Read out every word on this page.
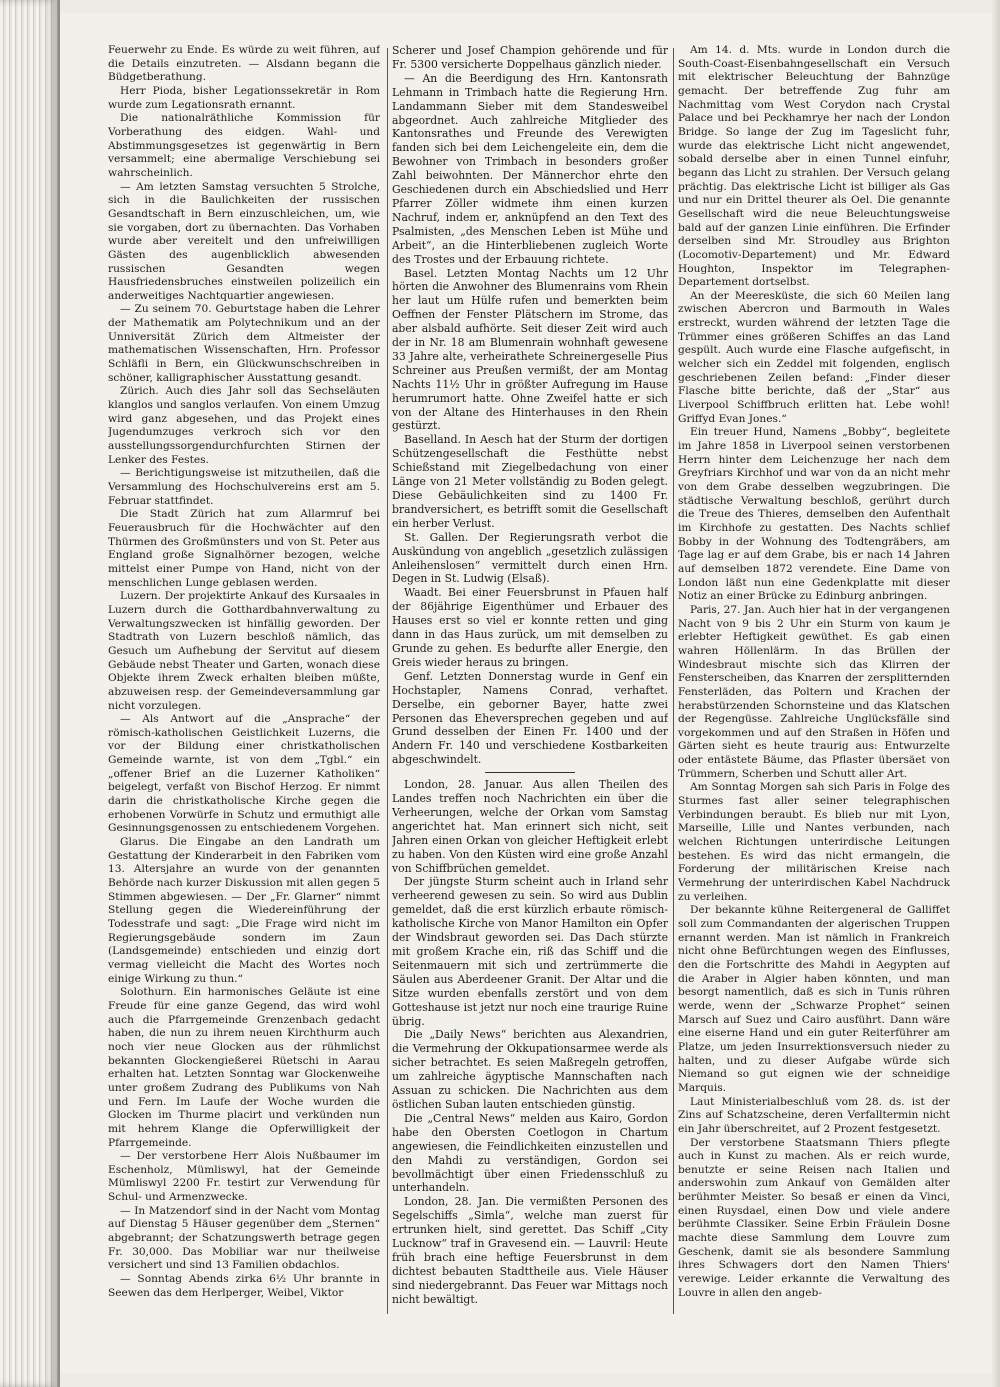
Feuerwehr zu Ende. Es würde zu weit führen, auf die Details einzutreten. — Alsdann begann die Büdgetberathung.

Herr Pioda, bisher Legationssekretär in Rom wurde zum Legationsrath ernannt.

Die nationalräthliche Kommission für Vorberathung des eidgen. Wahl- und Abstimmungsgesetzes ist gegenwärtig in Bern versammelt; eine abermalige Verschiebung sei wahrscheinlich.

— Am letzten Samstag versuchten 5 Strolche, sich in die Baulichkeiten der russischen Gesandtschaft in Bern einzuschleichen, um, wie sie vorgaben, dort zu übernachten. Das Vorhaben wurde aber vereitelt und den unfreiwilligen Gästen des augenblicklich abwesenden russischen Gesandten wegen Hausfriedensbruches einstweilen polizeilich ein anderweitiges Nachtquartier angewiesen.

— Zu seinem 70. Geburtstage haben die Lehrer der Mathematik am Polytechnikum und an der Unniversität Zürich dem Altmeister der mathematischen Wissenschaften, Hrn. Professor Schläfli in Bern, ein Glückwunschschreiben in schöner, kalligraphischer Ausstattung gesandt.

Zürich. Auch dies Jahr soll das Sechseläuten klanglos und sanglos verlaufen. Von einem Umzug wird ganz abgesehen, und das Projekt eines Jugendumzuges verkroch sich vor den ausstellungssorgendurchfurchten Stirnen der Lenker des Festes.

— Berichtigungsweise ist mitzutheilen, daß die Versammlung des Hochschulvereins erst am 5. Februar stattfindet.

Die Stadt Zürich hat zum Allarmruf bei Feuerausbruch für die Hochwächter auf den Thürmen des Großmünsters und von St. Peter aus England große Signalhörner bezogen, welche mittelst einer Pumpe von Hand, nicht von der menschlichen Lunge geblasen werden.

Luzern. Der projektirte Ankauf des Kursaales in Luzern durch die Gotthardbahnverwaltung zu Verwaltungszwecken ist hinfällig geworden. Der Stadtrath von Luzern beschloß nämlich, das Gesuch um Aufhebung der Servitut auf diesem Gebäude nebst Theater und Garten, wonach diese Objekte ihrem Zweck erhalten bleiben müßte, abzuweisen resp. der Gemeindeversammlung gar nicht vorzulegen.

— Als Antwort auf die „Ansprache“ der römisch-katholischen Geistlichkeit Luzerns, die vor der Bildung einer christkatholischen Gemeinde warnte, ist von dem „Tgbl.“ ein „offener Brief an die Luzerner Katholiken“ beigelegt, verfaßt von Bischof Herzog. Er nimmt darin die christkatholische Kirche gegen die erhobenen Vorwürfe in Schutz und ermuthigt alle Gesinnungsgenossen zu entschiedenem Vorgehen.

Glarus. Die Eingabe an den Landrath um Gestattung der Kinderarbeit in den Fabriken vom 13. Altersjahre an wurde von der genannten Behörde nach kurzer Diskussion mit allen gegen 5 Stimmen abgewiesen. — Der „Fr. Glarner“ nimmt Stellung gegen die Wiedereinführung der Todesstrafe und sagt: „Die Frage wird nicht im Regierungsgebäude sondern im Zaun (Landsgemeinde) entschieden und einzig dort vermag vielleicht die Macht des Wortes noch einige Wirkung zu thun.“

Solothurn. Ein harmonisches Geläute ist eine Freude für eine ganze Gegend, das wird wohl auch die Pfarrgemeinde Grenzenbach gedacht haben, die nun zu ihrem neuen Kirchthurm auch noch vier neue Glocken aus der rühmlichst bekannten Glockengießerei Rüetschi in Aarau erhalten hat. Letzten Sonntag war Glockenweihe unter großem Zudrang des Publikums von Nah und Fern. Im Laufe der Woche wurden die Glocken im Thurme placirt und verkünden nun mit hehrem Klange die Opferwilligkeit der Pfarrgemeinde.

— Der verstorbene Herr Alois Nußbaumer im Eschenholz, Mümliswyl, hat der Gemeinde Mümliswyl 2200 Fr. testirt zur Verwendung für Schul- und Armenzwecke.

— In Matzendorf sind in der Nacht vom Montag auf Dienstag 5 Häuser gegenüber dem „Sternen“ abgebrannt; der Schatzungswerth betrage gegen Fr. 30,000. Das Mobiliar war nur theilweise versichert und sind 13 Familien obdachlos.

— Sonntag Abends zirka 6½ Uhr brannte in Seewen das dem Herlperger, Weibel, Viktor

Scherer und Josef Champion gehörende und für Fr. 5300 versicherte Doppelhaus gänzlich nieder.

— An die Beerdigung des Hrn. Kantonsrath Lehmann in Trimbach hatte die Regierung Hrn. Landammann Sieber mit dem Standesweibel abgeordnet. Auch zahlreiche Mitglieder des Kantonsrathes und Freunde des Verewigten fanden sich bei dem Leichengeleite ein, dem die Bewohner von Trimbach in besonders großer Zahl beiwohnten. Der Männerchor ehrte den Geschiedenen durch ein Abschiedslied und Herr Pfarrer Zöller widmete ihm einen kurzen Nachruf, indem er, anknüpfend an den Text des Psalmisten, „des Menschen Leben ist Mühe und Arbeit“, an die Hinterbliebenen zugleich Worte des Trostes und der Erbauung richtete.

Basel. Letzten Montag Nachts um 12 Uhr hörten die Anwohner des Blumenrains vom Rhein her laut um Hülfe rufen und bemerkten beim Oeffnen der Fenster Plätschern im Strome, das aber alsbald aufhörte. Seit dieser Zeit wird auch der in Nr. 18 am Blumenrain wohnhaft gewesene 33 Jahre alte, verheirathete Schreinergeselle Pius Schreiner aus Preußen vermißt, der am Montag Nachts 11½ Uhr in größter Aufregung im Hause herumrumort hatte. Ohne Zweifel hatte er sich von der Altane des Hinterhauses in den Rhein gestürzt.

Baselland. In Aesch hat der Sturm der dortigen Schützengesellschaft die Festhütte nebst Schießstand mit Ziegelbedachung von einer Länge von 21 Meter vollständig zu Boden gelegt. Diese Gebäulichkeiten sind zu 1400 Fr. brandversichert, es betrifft somit die Gesellschaft ein herber Verlust.

St. Gallen. Der Regierungsrath verbot die Auskündung von angeblich „gesetzlich zulässigen Anleihenslosen“ vermittelt durch einen Hrn. Degen in St. Ludwig (Elsaß).

Waadt. Bei einer Feuersbrunst in Pfauen half der 86jährige Eigenthümer und Erbauer des Hauses erst so viel er konnte retten und ging dann in das Haus zurück, um mit demselben zu Grunde zu gehen. Es bedurfte aller Energie, den Greis wieder heraus zu bringen.

Genf. Letzten Donnerstag wurde in Genf ein Hochstapler, Namens Conrad, verhaftet. Derselbe, ein geborner Bayer, hatte zwei Personen das Eheversprechen gegeben und auf Grund desselben der Einen Fr. 1400 und der Andern Fr. 140 und verschiedene Kostbarkeiten abgeschwindelt.

London, 28. Januar. Aus allen Theilen des Landes treffen noch Nachrichten ein über die Verheerungen, welche der Orkan vom Samstag angerichtet hat. Man erinnert sich nicht, seit Jahren einen Orkan von gleicher Heftigkeit erlebt zu haben. Von den Küsten wird eine große Anzahl von Schiffbrüchen gemeldet.

Der jüngste Sturm scheint auch in Irland sehr verheerend gewesen zu sein. So wird aus Dublin gemeldet, daß die erst kürzlich erbaute römisch-katholische Kirche von Manor Hamilton ein Opfer der Windsbraut geworden sei. Das Dach stürzte mit großem Krache ein, riß das Schiff und die Seitenmauern mit sich und zertrümmerte die Säulen aus Aberdeener Granit. Der Altar und die Sitze wurden ebenfalls zerstört und von dem Gotteshause ist jetzt nur noch eine traurige Ruine übrig.

Die „Daily News“ berichten aus Alexandrien, die Vermehrung der Okkupationsarmee werde als sicher betrachtet. Es seien Maßregeln getroffen, um zahlreiche ägyptische Mannschaften nach Assuan zu schicken. Die Nachrichten aus dem östlichen Suban lauten entschieden günstig.

Die „Central News“ melden aus Kairo, Gordon habe den Obersten Coetlogon in Chartum angewiesen, die Feindlichkeiten einzustellen und den Mahdi zu verständigen, Gordon sei bevollmächtigt über einen Friedensschluß zu unterhandeln.

London, 28. Jan. Die vermißten Personen des Segelschiffs „Simla“, welche man zuerst für ertrunken hielt, sind gerettet. Das Schiff „City Lucknow“ traf in Gravesend ein. — Lauvril: Heute früh brach eine heftige Feuersbrunst in dem dichtest bebauten Stadttheile aus. Viele Häuser sind niedergebrannt. Das Feuer war Mittags noch nicht bewältigt.

Am 14. d. Mts. wurde in London durch die South-Coast-Eisenbahngesellschaft ein Versuch mit elektrischer Beleuchtung der Bahnzüge gemacht. Der betreffende Zug fuhr am Nachmittag vom West Corydon nach Crystal Palace und bei Peckhamrye her nach der London Bridge. So lange der Zug im Tageslicht fuhr, wurde das elektrische Licht nicht angewendet, sobald derselbe aber in einen Tunnel einfuhr, begann das Licht zu strahlen. Der Versuch gelang prächtig. Das elektrische Licht ist billiger als Gas und nur ein Drittel theurer als Oel. Die genannte Gesellschaft wird die neue Beleuchtungsweise bald auf der ganzen Linie einführen. Die Erfinder derselben sind Mr. Stroudley aus Brighton (Locomotiv-Departement) und Mr. Edward Houghton, Inspektor im Telegraphen-Departement dortselbst.

An der Meeresküste, die sich 60 Meilen lang zwischen Abercron und Barmouth in Wales erstreckt, wurden während der letzten Tage die Trümmer eines größeren Schiffes an das Land gespült. Auch wurde eine Flasche aufgefischt, in welcher sich ein Zeddel mit folgenden, englisch geschriebenen Zeilen befand: „Finder dieser Flasche bitte berichte, daß der „Star“ aus Liverpool Schiffbruch erlitten hat. Lebe wohl! Griffyd Evan Jones.“

Ein treuer Hund, Namens „Bobby“, begleitete im Jahre 1858 in Liverpool seinen verstorbenen Herrn hinter dem Leichenzuge her nach dem Greyfriars Kirchhof und war von da an nicht mehr von dem Grabe desselben wegzubringen. Die städtische Verwaltung beschloß, gerührt durch die Treue des Thieres, demselben den Aufenthalt im Kirchhofe zu gestatten. Des Nachts schlief Bobby in der Wohnung des Todtengräbers, am Tage lag er auf dem Grabe, bis er nach 14 Jahren auf demselben 1872 verendete. Eine Dame von London läßt nun eine Gedenkplatte mit dieser Notiz an einer Brücke zu Edinburg anbringen.

Paris, 27. Jan. Auch hier hat in der vergangenen Nacht von 9 bis 2 Uhr ein Sturm von kaum je erlebter Heftigkeit gewüthet. Es gab einen wahren Höllenlärm. In das Brüllen der Windesbraut mischte sich das Klirren der Fensterscheiben, das Knarren der zersplitternden Fensterläden, das Poltern und Krachen der herabstürzenden Schornsteine und das Klatschen der Regengüsse. Zahlreiche Unglücksfälle sind vorgekommen und auf den Straßen in Höfen und Gärten sieht es heute traurig aus: Entwurzelte oder entästete Bäume, das Pflaster übersäet von Trümmern, Scherben und Schutt aller Art.

Am Sonntag Morgen sah sich Paris in Folge des Sturmes fast aller seiner telegraphischen Verbindungen beraubt. Es blieb nur mit Lyon, Marseille, Lille und Nantes verbunden, nach welchen Richtungen unterirdische Leitungen bestehen. Es wird das nicht ermangeln, die Forderung der militärischen Kreise nach Vermehrung der unterirdischen Kabel Nachdruck zu verleihen.

Der bekannte kühne Reitergeneral de Galliffet soll zum Commandanten der algerischen Truppen ernannt werden. Man ist nämlich in Frankreich nicht ohne Befürchtungen wegen des Einflusses, den die Fortschritte des Mahdi in Aegypten auf die Araber in Algier haben könnten, und man besorgt namentlich, daß es sich in Tunis rühren werde, wenn der „Schwarze Prophet“ seinen Marsch auf Suez und Cairo ausführt. Dann wäre eine eiserne Hand und ein guter Reiterführer am Platze, um jeden Insurrektionsversuch nieder zu halten, und zu dieser Aufgabe würde sich Niemand so gut eignen wie der schneidige Marquis.

Laut Ministerialbeschluß vom 28. ds. ist der Zins auf Schatzscheine, deren Verfalltermin nicht ein Jahr überschreitet, auf 2 Prozent festgesetzt.

Der verstorbene Staatsmann Thiers pflegte auch in Kunst zu machen. Als er reich wurde, benutzte er seine Reisen nach Italien und anderswohin zum Ankauf von Gemälden alter berühmter Meister. So besaß er einen da Vinci, einen Ruysdael, einen Dow und viele andere berühmte Classiker. Seine Erbin Fräulein Dosne machte diese Sammlung dem Louvre zum Geschenk, damit sie als besondere Sammlung ihres Schwagers dort den Namen Thiers' verewige. Leider erkannte die Verwaltung des Louvre in allen den angeb-
